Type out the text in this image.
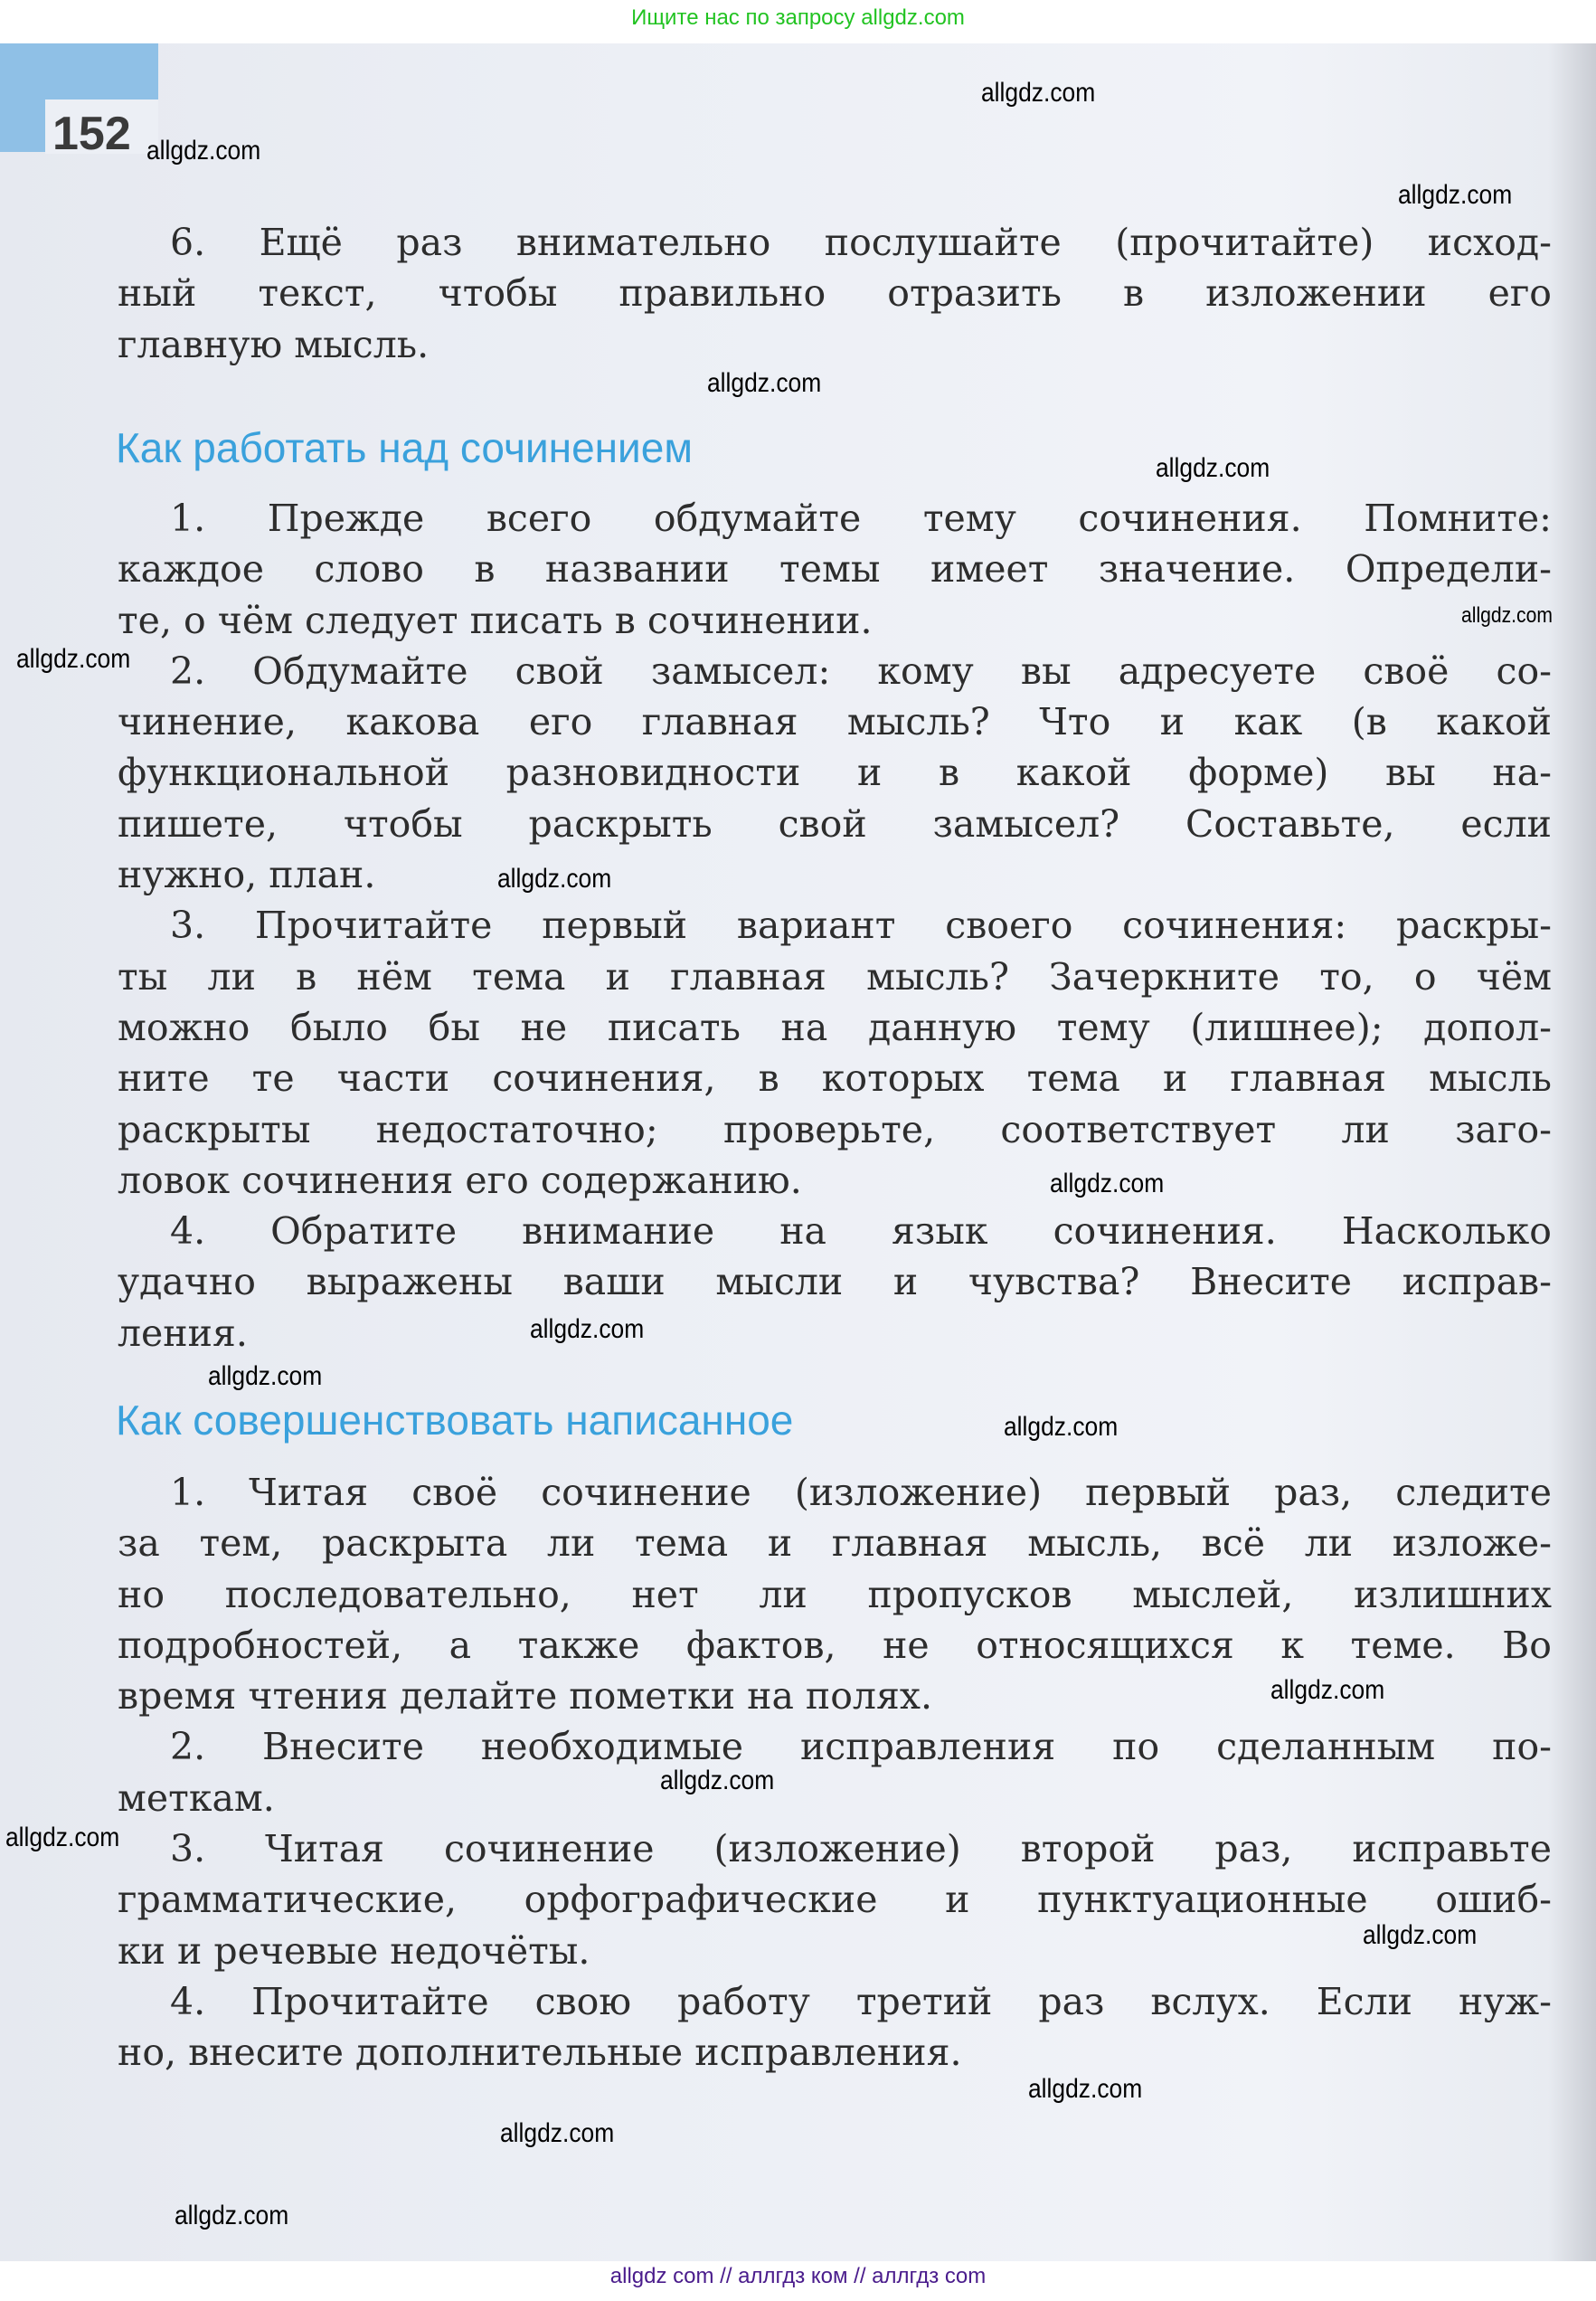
Ищите нас по запросу allgdz.com
152
6. Ещё раз внимательно послушайте (прочитайте) исход-
ный текст, чтобы правильно отразить в изложении его
главную мысль.
Как работать над сочинением
1. Прежде всего обдумайте тему сочинения. Помните:
каждое слово в названии темы имеет значение. Определи-
те, о чём следует писать в сочинении.
2. Обдумайте свой замысел: кому вы адресуете своё со-
чинение, какова его главная мысль? Что и как (в какой
функциональной разновидности и в какой форме) вы на-
пишете, чтобы раскрыть свой замысел? Составьте, если
нужно, план.
3. Прочитайте первый вариант своего сочинения: раскры-
ты ли в нём тема и главная мысль? Зачеркните то, о чём
можно было бы не писать на данную тему (лишнее); допол-
ните те части сочинения, в которых тема и главная мысль
раскрыты недостаточно; проверьте, соответствует ли заго-
ловок сочинения его содержанию.
4. Обратите внимание на язык сочинения. Насколько
удачно выражены ваши мысли и чувства? Внесите исправ-
ления.
Как совершенствовать написанное
1. Читая своё сочинение (изложение) первый раз, следите
за тем, раскрыта ли тема и главная мысль, всё ли изложе-
но последовательно, нет ли пропусков мыслей, излишних
подробностей, а также фактов, не относящихся к теме. Во
время чтения делайте пометки на полях.
2. Внесите необходимые исправления по сделанным по-
меткам.
3. Читая сочинение (изложение) второй раз, исправьте
грамматические, орфографические и пунктуационные ошиб-
ки и речевые недочёты.
4. Прочитайте свою работу третий раз вслух. Если нуж-
но, внесите дополнительные исправления.
allgdz.com
allgdz.com
allgdz.com
allgdz.com
allgdz.com
allgdz.com
allgdz.com
allgdz.com
allgdz.com
allgdz.com
allgdz.com
allgdz.com
allgdz.com
allgdz.com
allgdz.com
allgdz.com
allgdz.com
allgdz.com
allgdz.com
allgdz com // аллгдз ком // аллгдз com
